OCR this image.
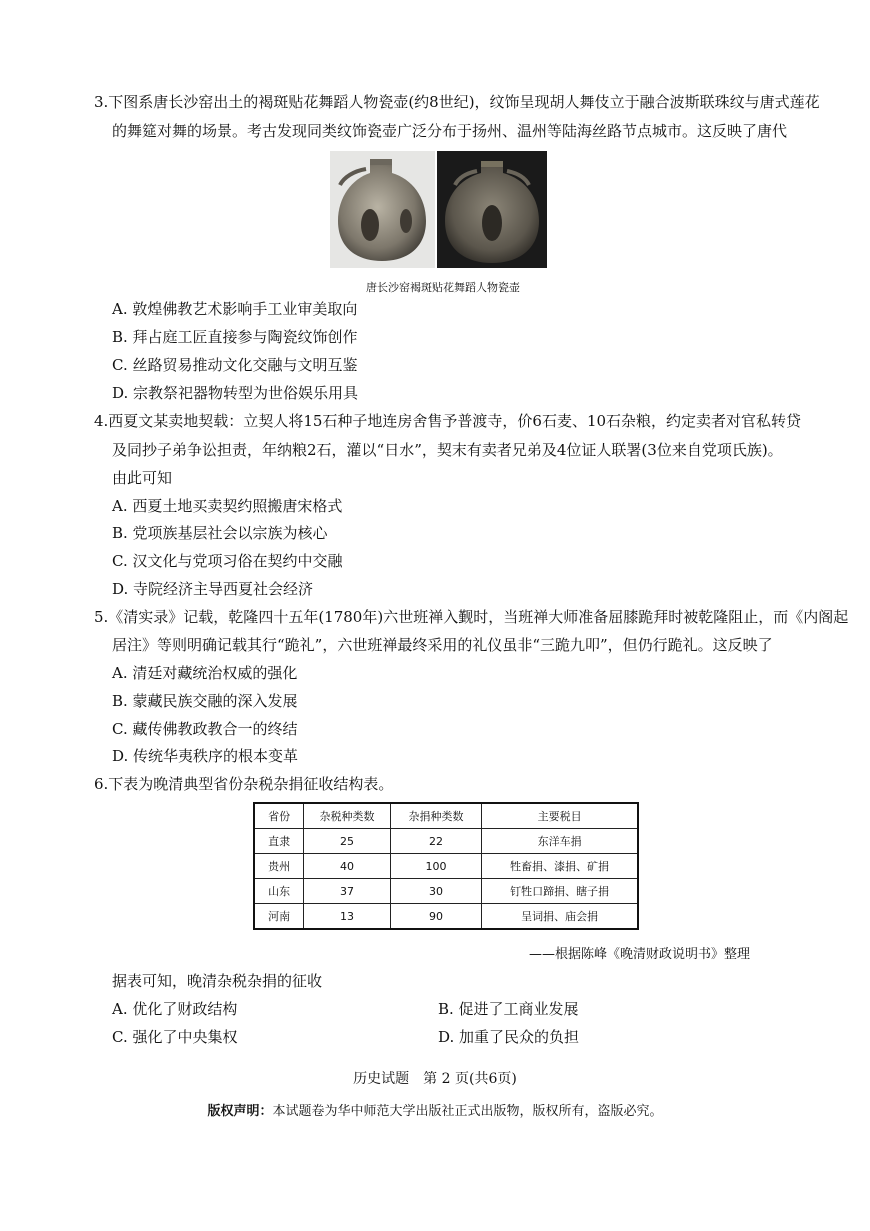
3.下图系唐长沙窑出土的褐斑贴花舞蹈人物瓷壶(约8世纪)，纹饰呈现胡人舞伎立于融合波斯联珠纹与唐式莲花
的舞筵对舞的场景。考古发现同类纹饰瓷壶广泛分布于扬州、温州等陆海丝路节点城市。这反映了唐代
唐长沙窑褐斑贴花舞蹈人物瓷壶
A. 敦煌佛教艺术影响手工业审美取向
B. 拜占庭工匠直接参与陶瓷纹饰创作
C. 丝路贸易推动文化交融与文明互鉴
D. 宗教祭祀器物转型为世俗娱乐用具
4.西夏文某卖地契载：立契人将15石种子地连房舍售予普渡寺，价6石麦、10石杂粮，约定卖者对官私转贷
及同抄子弟争讼担责，年纳粮2石，灌以“日水”，契末有卖者兄弟及4位证人联署(3位来自党项氏族)。
由此可知
A. 西夏土地买卖契约照搬唐宋格式
B. 党项族基层社会以宗族为核心
C. 汉文化与党项习俗在契约中交融
D. 寺院经济主导西夏社会经济
5.《清实录》记载，乾隆四十五年(1780年)六世班禅入觐时，当班禅大师准备屈膝跪拜时被乾隆阻止，而《内阁起
居注》等则明确记载其行“跪礼”，六世班禅最终采用的礼仪虽非“三跪九叩”，但仍行跪礼。这反映了
A. 清廷对藏统治权威的强化
B. 蒙藏民族交融的深入发展
C. 藏传佛教政教合一的终结
D. 传统华夷秩序的根本变革
6.下表为晚清典型省份杂税杂捐征收结构表。
省份	杂税种类数	杂捐种类数	主要税目
直隶	25	22	东洋车捐
贵州	40	100	牲畜捐、漆捐、矿捐
山东	37	30	钉牲口蹄捐、瞎子捐
河南	13	90	呈词捐、庙会捐
——根据陈峰《晚清财政说明书》整理
据表可知，晚清杂税杂捐的征收
A. 优化了财政结构	B. 促进了工商业发展
C. 强化了中央集权	D. 加重了民众的负担
历史试题　第 2 页(共6页)
版权声明：本试题卷为华中师范大学出版社正式出版物，版权所有，盗版必究。
